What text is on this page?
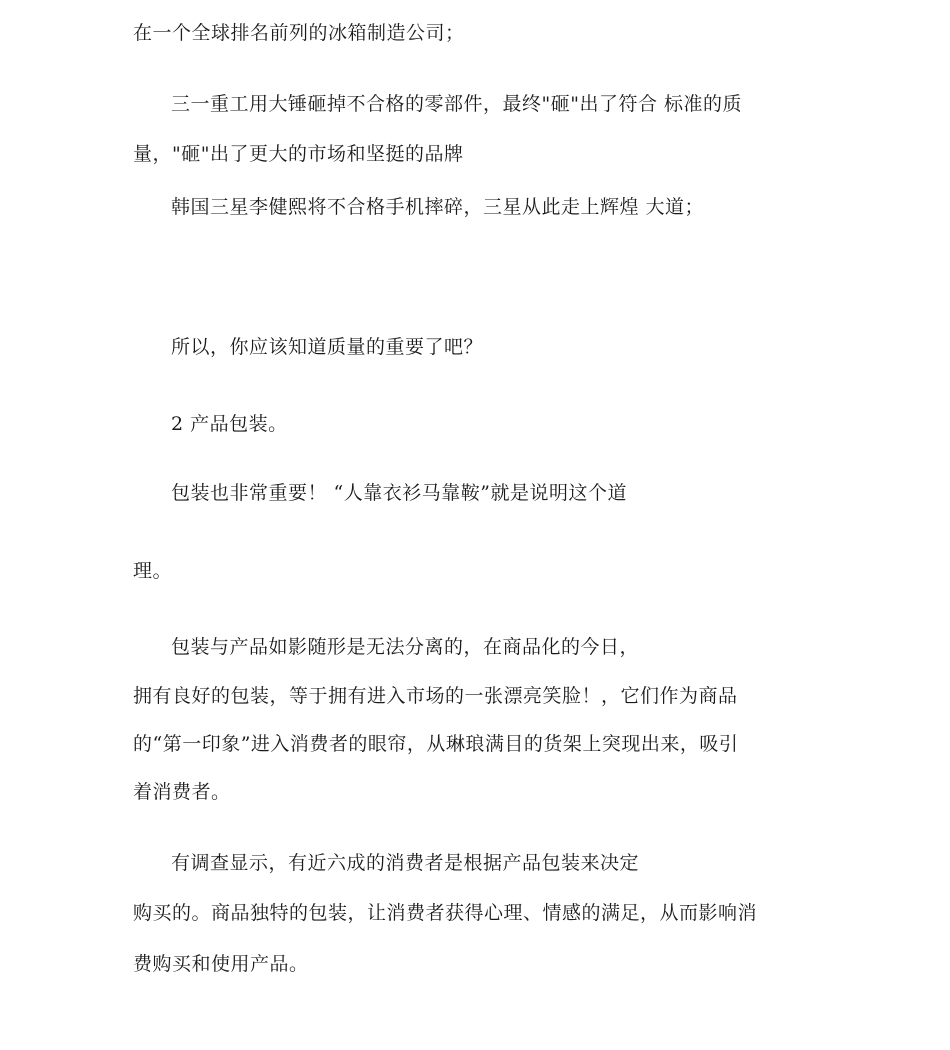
在一个全球排名前列的冰箱制造公司；

三一重工用大锤砸掉不合格的零部件，最终"砸"出了符合 标准的质

量，"砸"出了更大的市场和坚挺的品牌

韩国三星李健熙将不合格手机摔碎，三星从此走上辉煌 大道；

所以，你应该知道质量的重要了吧？

2 产品包装。

包装也非常重要！ “人靠衣衫马靠鞍”就是说明这个道

理。

包装与产品如影随形是无法分离的，在商品化的今日，

拥有良好的包装，等于拥有进入市场的一张漂亮笑脸！，它们作为商品

的“第一印象”进入消费者的眼帘，从琳琅满目的货架上突现出来，吸引

着消费者。

有调查显示，有近六成的消费者是根据产品包装来决定

购买的。商品独特的包装，让消费者获得心理、情感的满足，从而影响消

费购买和使用产品。
